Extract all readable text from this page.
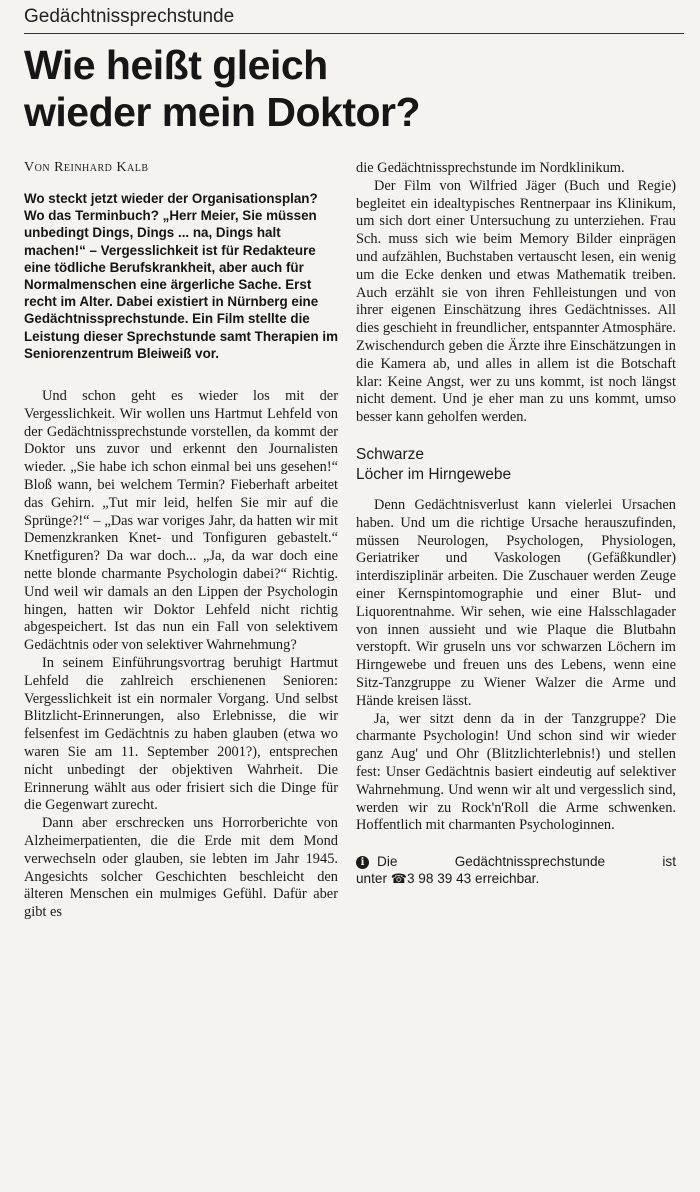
Gedächtnissprechstunde
Wie heißt gleich
wieder mein Doktor?
Von Reinhard Kalb
Wo steckt jetzt wieder der Organisationsplan? Wo das Terminbuch? „Herr Meier, Sie müssen unbedingt Dings, Dings ... na, Dings halt machen!“ – Vergesslichkeit ist für Redakteure eine tödliche Berufskrankheit, aber auch für Normalmenschen eine ärgerliche Sache. Erst recht im Alter. Dabei existiert in Nürnberg eine Gedächtnissprechstunde. Ein Film stellte die Leistung dieser Sprechstunde samt Therapien im Seniorenzentrum Bleiweiß vor.

Und schon geht es wieder los mit der Vergesslichkeit. Wir wollen uns Hartmut Lehfeld von der Gedächtnissprechstunde vorstellen, da kommt der Doktor uns zuvor und erkennt den Journalisten wieder. „Sie habe ich schon einmal bei uns gesehen!“ Bloß wann, bei welchem Termin? Fieberhaft arbeitet das Gehirn. „Tut mir leid, helfen Sie mir auf die Sprünge?!“ – „Das war voriges Jahr, da hatten wir mit Demenzkranken Knet- und Tonfiguren gebastelt.“ Knetfiguren? Da war doch... „Ja, da war doch eine nette blonde charmante Psychologin dabei?“ Richtig. Und weil wir damals an den Lippen der Psychologin hingen, hatten wir Doktor Lehfeld nicht richtig abgespeichert. Ist das nun ein Fall von selektivem Gedächtnis oder von selektiver Wahrnehmung?

In seinem Einführungsvortrag beruhigt Hartmut Lehfeld die zahlreich erschienenen Senioren: Vergesslichkeit ist ein normaler Vorgang. Und selbst Blitzlicht-Erinnerungen, also Erlebnisse, die wir felsenfest im Gedächtnis zu haben glauben (etwa wo waren Sie am 11. September 2001?), entsprechen nicht unbedingt der objektiven Wahrheit. Die Erinnerung wählt aus oder frisiert sich die Dinge für die Gegenwart zurecht.

Dann aber erschrecken uns Horrorberichte von Alzheimerpatienten, die die Erde mit dem Mond verwechseln oder glauben, sie lebten im Jahr 1945. Angesichts solcher Geschichten beschleicht den älteren Menschen ein mulmiges Gefühl. Dafür aber gibt es

die Gedächtnissprechstunde im Nordklinikum.

Der Film von Wilfried Jäger (Buch und Regie) begleitet ein idealtypisches Rentnerpaar ins Klinikum, um sich dort einer Untersuchung zu unterziehen. Frau Sch. muss sich wie beim Memory Bilder einprägen und aufzählen, Buchstaben vertauscht lesen, ein wenig um die Ecke denken und etwas Mathematik treiben. Auch erzählt sie von ihren Fehlleistungen und von ihrer eigenen Einschätzung ihres Gedächtnisses. All dies geschieht in freundlicher, entspannter Atmosphäre. Zwischendurch geben die Ärzte ihre Einschätzungen in die Kamera ab, und alles in allem ist die Botschaft klar: Keine Angst, wer zu uns kommt, ist noch längst nicht dement. Und je eher man zu uns kommt, umso besser kann geholfen werden.

Schwarze
Löcher im Hirngewebe

Denn Gedächtnisverlust kann vielerlei Ursachen haben. Und um die richtige Ursache herauszufinden, müssen Neurologen, Psychologen, Physiologen, Geriatriker und Vaskologen (Gefäßkundler) interdisziplinär arbeiten. Die Zuschauer werden Zeuge einer Kernspintomographie und einer Blut- und Liquorentnahme. Wir sehen, wie eine Halsschlagader von innen aussieht und wie Plaque die Blutbahn verstopft. Wir gruseln uns vor schwarzen Löchern im Hirngewebe und freuen uns des Lebens, wenn eine Sitz-Tanzgruppe zu Wiener Walzer die Arme und Hände kreisen lässt.

Ja, wer sitzt denn da in der Tanzgruppe? Die charmante Psychologin! Und schon sind wir wieder ganz Aug' und Ohr (Blitzlichterlebnis!) und stellen fest: Unser Gedächtnis basiert eindeutig auf selektiver Wahrnehmung. Und wenn wir alt und vergesslich sind, werden wir zu Rock'n'Roll die Arme schwenken. Hoffentlich mit charmanten Psychologinnen.

i Die	Gedächtnissprechstunde	ist
unter ☎3 98 39 43 erreichbar.
